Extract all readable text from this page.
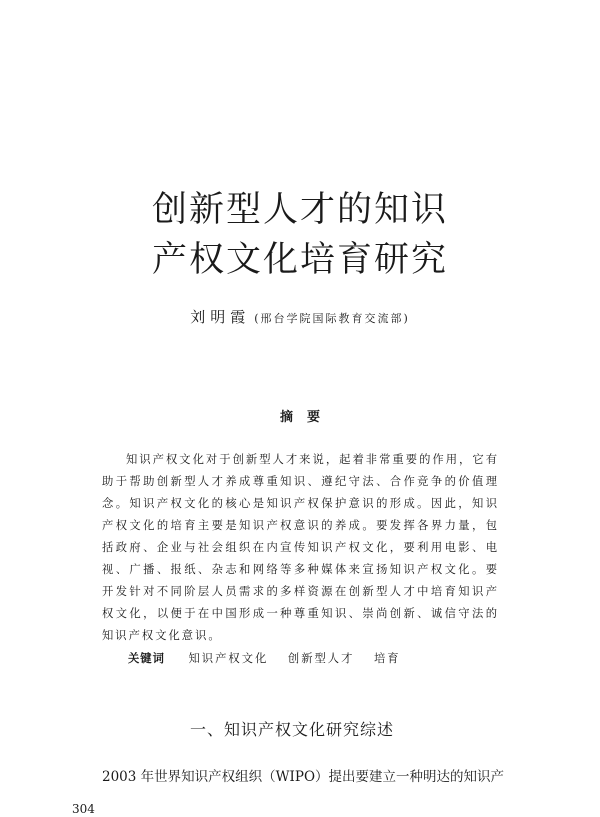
创新型人才的知识
产权文化培育研究
刘明霞 (邢台学院国际教育交流部)
摘要

知识产权文化对于创新型人才来说，起着非常重要的作用，它有助于帮助创新型人才养成尊重知识、遵纪守法、合作竞争的价值理念。知识产权文化的核心是知识产权保护意识的形成。因此，知识产权文化的培育主要是知识产权意识的养成。要发挥各界力量，包括政府、企业与社会组织在内宣传知识产权文化，要利用电影、电视、广播、报纸、杂志和网络等多种媒体来宣扬知识产权文化。要开发针对不同阶层人员需求的多样资源在创新型人才中培育知识产权文化，以便于在中国形成一种尊重知识、崇尚创新、诚信守法的知识产权文化意识。

关键词 知识产权文化 创新型人才 培育
一、知识产权文化研究综述
2003 年世界知识产权组织（WIPO）提出要建立一种明达的知识产
304
